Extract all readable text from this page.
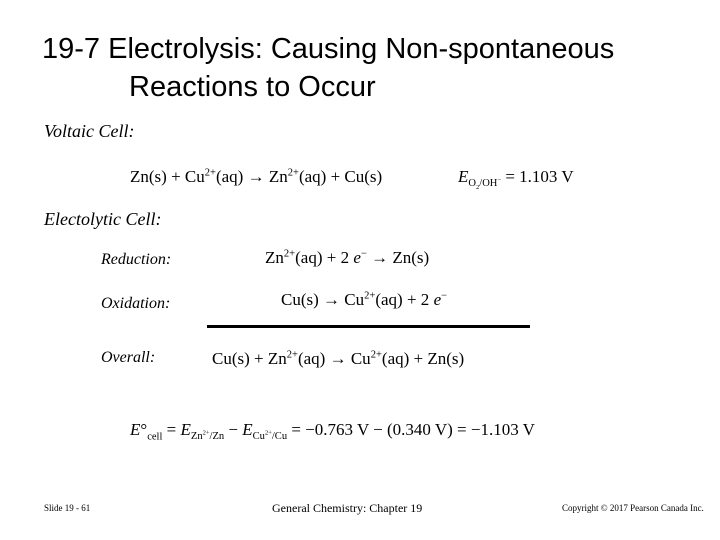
19-7 Electrolysis: Causing Non-spontaneous
Reactions to Occur
Voltaic Cell:
$Zn(s) + Cu^{2+}(aq) \to Zn^{2+}(aq) + Cu(s)$	$E_{O_2/OH^-} = 1.103$ V
Electolytic Cell:
Reduction:	$Zn^{2+}(aq) + 2$ e− → Zn(s)
Oxidation:	$Cu(s) \to Cu^{2+}(aq) + 2$ e−
Overall:	$Cu(s) + Zn^{2+}(aq) \to Cu^{2+}(aq) + Zn(s)$
$E^\circ_{cell} = E_{Zn^{2+}/Zn} - E_{Cu^{2+}/Cu} = -0.763$ V − (0.340 V) = −1.103 V
Slide 19 - 61	General Chemistry: Chapter 19	Copyright © 2017 Pearson Canada Inc.
